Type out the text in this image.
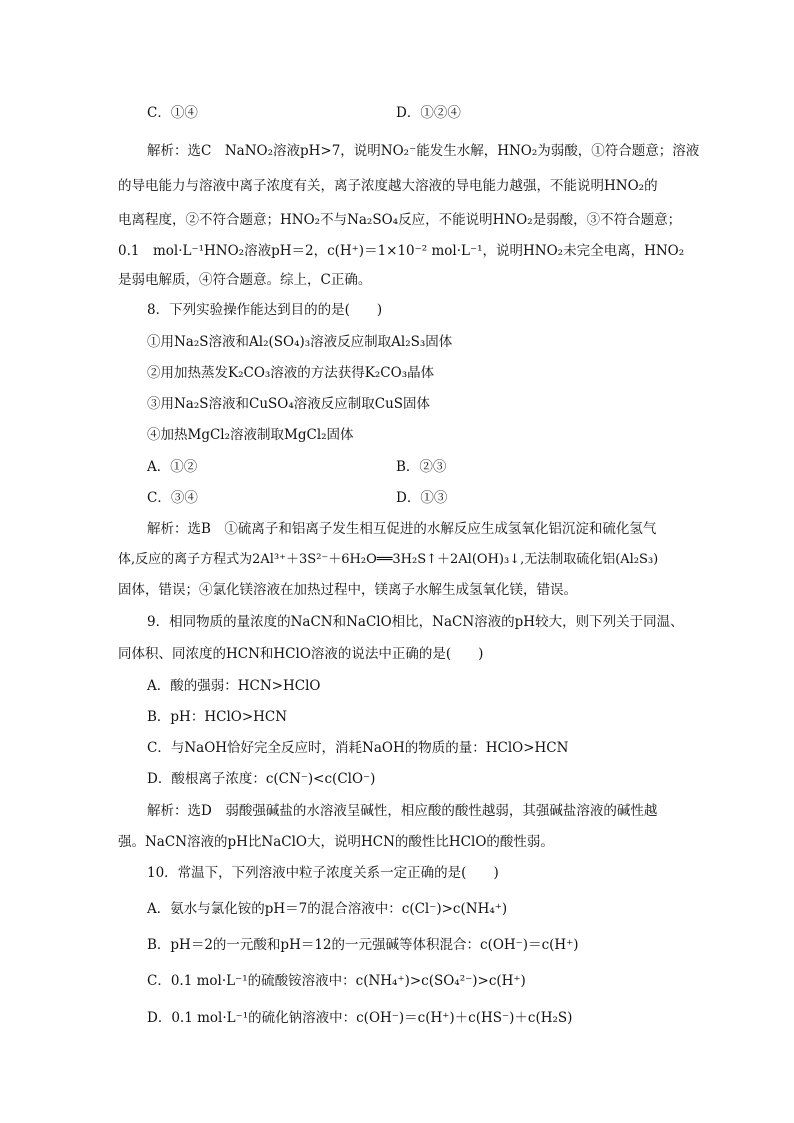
C．①④	D．①②④
解析：选C　NaNO₂溶液pH>7，说明NO₂⁻能发生水解，HNO₂为弱酸，①符合题意；溶液
的导电能力与溶液中离子浓度有关，离子浓度越大溶液的导电能力越强，不能说明HNO₂的
电离程度，②不符合题意；HNO₂不与Na₂SO₄反应，不能说明HNO₂是弱酸，③不符合题意；
0.1　mol·L⁻¹HNO₂溶液pH＝2，c(H⁺)＝1×10⁻² mol·L⁻¹，说明HNO₂未完全电离，HNO₂
是弱电解质，④符合题意。综上，C正确。
8．下列实验操作能达到目的的是(　　)
①用Na₂S溶液和Al₂(SO₄)₃溶液反应制取Al₂S₃固体
②用加热蒸发K₂CO₃溶液的方法获得K₂CO₃晶体
③用Na₂S溶液和CuSO₄溶液反应制取CuS固体
④加热MgCl₂溶液制取MgCl₂固体
A．①②	B．②③
C．③④	D．①③
解析：选B　①硫离子和铝离子发生相互促进的水解反应生成氢氧化铝沉淀和硫化氢气
体,反应的离子方程式为2Al³⁺＋3S²⁻＋6H₂O══3H₂S↑＋2Al(OH)₃↓,无法制取硫化铝(Al₂S₃)
固体，错误；④氯化镁溶液在加热过程中，镁离子水解生成氢氧化镁，错误。
9．相同物质的量浓度的NaCN和NaClO相比，NaCN溶液的pH较大，则下列关于同温、
同体积、同浓度的HCN和HClO溶液的说法中正确的是(　　)
A．酸的强弱：HCN>HClO
B．pH：HClO>HCN
C．与NaOH恰好完全反应时，消耗NaOH的物质的量：HClO>HCN
D．酸根离子浓度：c(CN⁻)<c(ClO⁻)
解析：选D　弱酸强碱盐的水溶液呈碱性，相应酸的酸性越弱，其强碱盐溶液的碱性越
强。NaCN溶液的pH比NaClO大，说明HCN的酸性比HClO的酸性弱。
10．常温下，下列溶液中粒子浓度关系一定正确的是(　　)
A．氨水与氯化铵的pH＝7的混合溶液中：c(Cl⁻)>c(NH₄⁺)
B．pH＝2的一元酸和pH＝12的一元强碱等体积混合：c(OH⁻)＝c(H⁺)
C．0.1 mol·L⁻¹的硫酸铵溶液中：c(NH₄⁺)>c(SO₄²⁻)>c(H⁺)
D．0.1 mol·L⁻¹的硫化钠溶液中：c(OH⁻)＝c(H⁺)＋c(HS⁻)＋c(H₂S)
